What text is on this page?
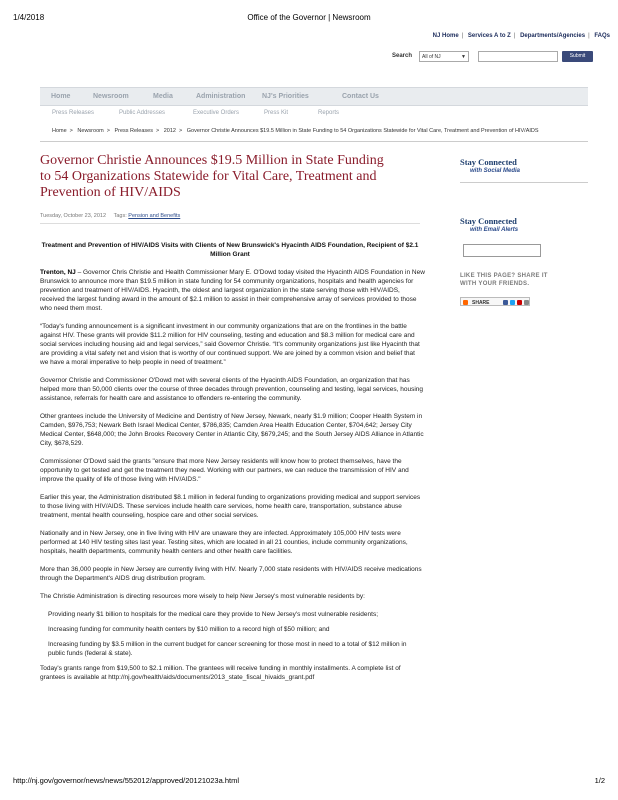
1/4/2018	Office of the Governor | Newsroom
NJ Home | Services A to Z | Departments/Agencies | FAQs
Search	All of NJ	▼	Submit
Home	Newsroom	Media	Administration NJ's Priorities	Contact Us
Press Releases	Public Addresses	Executive Orders	Press Kit	Reports
Home > Newsroom > Press Releases > 2012 > Governor Christie Announces $19.5 Million in State Funding to 54 Organizations Statewide for Vital Care, Treatment and Prevention of HIV/AIDS
Governor Christie Announces $19.5 Million in State Funding to 54 Organizations Statewide for Vital Care, Treatment and Prevention of HIV/AIDS
Tuesday, October 23, 2012 Tags: Pension and Benefits
Treatment and Prevention of HIV/AIDS Visits with Clients of New Brunswick's Hyacinth AIDS Foundation, Recipient of $2.1 Million Grant

Trenton, NJ – Governor Chris Christie and Health Commissioner Mary E. O'Dowd today visited the Hyacinth AIDS Foundation in New Brunswick to announce more than $19.5 million in state funding for 54 community organizations, hospitals and health agencies for prevention and treatment of HIV/AIDS. Hyacinth, the oldest and largest organization in the state serving those with HIV/AIDS, received the largest funding award in the amount of $2.1 million to assist in their comprehensive array of services provided to those who need them most.

“Today's funding announcement is a significant investment in our community organizations that are on the frontlines in the battle against HIV. These grants will provide $11.2 million for HIV counseling, testing and education and $8.3 million for medical care and social services including housing aid and legal services,” said Governor Christie. “It's community organizations just like Hyacinth that are providing a vital safety net and vision that is worthy of our continued support. We are joined by a common vision and belief that we have a moral imperative to help people in need of treatment.”

Governor Christie and Commissioner O'Dowd met with several clients of the Hyacinth AIDS Foundation, an organization that has helped more than 50,000 clients over the course of three decades through prevention, counseling and testing, legal services, housing assistance, referrals for health care and assistance to offenders re-entering the community.

Other grantees include the University of Medicine and Dentistry of New Jersey, Newark, nearly $1.9 million; Cooper Health System in Camden, $976,753; Newark Beth Israel Medical Center, $786,835; Camden Area Health Education Center, $704,642; Jersey City Medical Center, $648,000; the John Brooks Recovery Center in Atlantic City, $679,245; and the South Jersey AIDS Alliance in Atlantic City, $678,529.

Commissioner O'Dowd said the grants "ensure that more New Jersey residents will know how to protect themselves, have the opportunity to get tested and get the treatment they need. Working with our partners, we can reduce the transmission of HIV and improve the quality of life of those living with HIV/AIDS."

Earlier this year, the Administration distributed $8.1 million in federal funding to organizations providing medical and support services to those living with HIV/AIDS. These services include health care services, home health care, transportation, substance abuse treatment, mental health counseling, hospice care and other social services.

Nationally and in New Jersey, one in five living with HIV are unaware they are infected. Approximately 105,000 HIV tests were performed at 140 HIV testing sites last year. Testing sites, which are located in all 21 counties, include community organizations, hospitals, health departments, community health centers and other health care facilities.

More than 36,000 people in New Jersey are currently living with HIV. Nearly 7,000 state residents with HIV/AIDS receive medications through the Department's AIDS drug distribution program.

The Christie Administration is directing resources more wisely to help New Jersey's most vulnerable residents by:

Providing nearly $1 billion to hospitals for the medical care they provide to New Jersey's most vulnerable residents;

Increasing funding for community health centers by $10 million to a record high of $50 million; and

Increasing funding by $3.5 million in the current budget for cancer screening for those most in need to a total of $12 million in public funds (federal & state).

Today's grants range from $19,500 to $2.1 million. The grantees will receive funding in monthly installments. A complete list of grantees is available at http://nj.gov/health/aids/documents/2013_state_fiscal_hivaids_grant.pdf

Stay Connected
with Social Media
Stay Connected
with Email Alerts
LIKE THIS PAGE? SHARE IT
WITH YOUR FRIENDS.
SHARE
http://nj.gov/governor/news/news/552012/approved/20121023a.html	1/2
